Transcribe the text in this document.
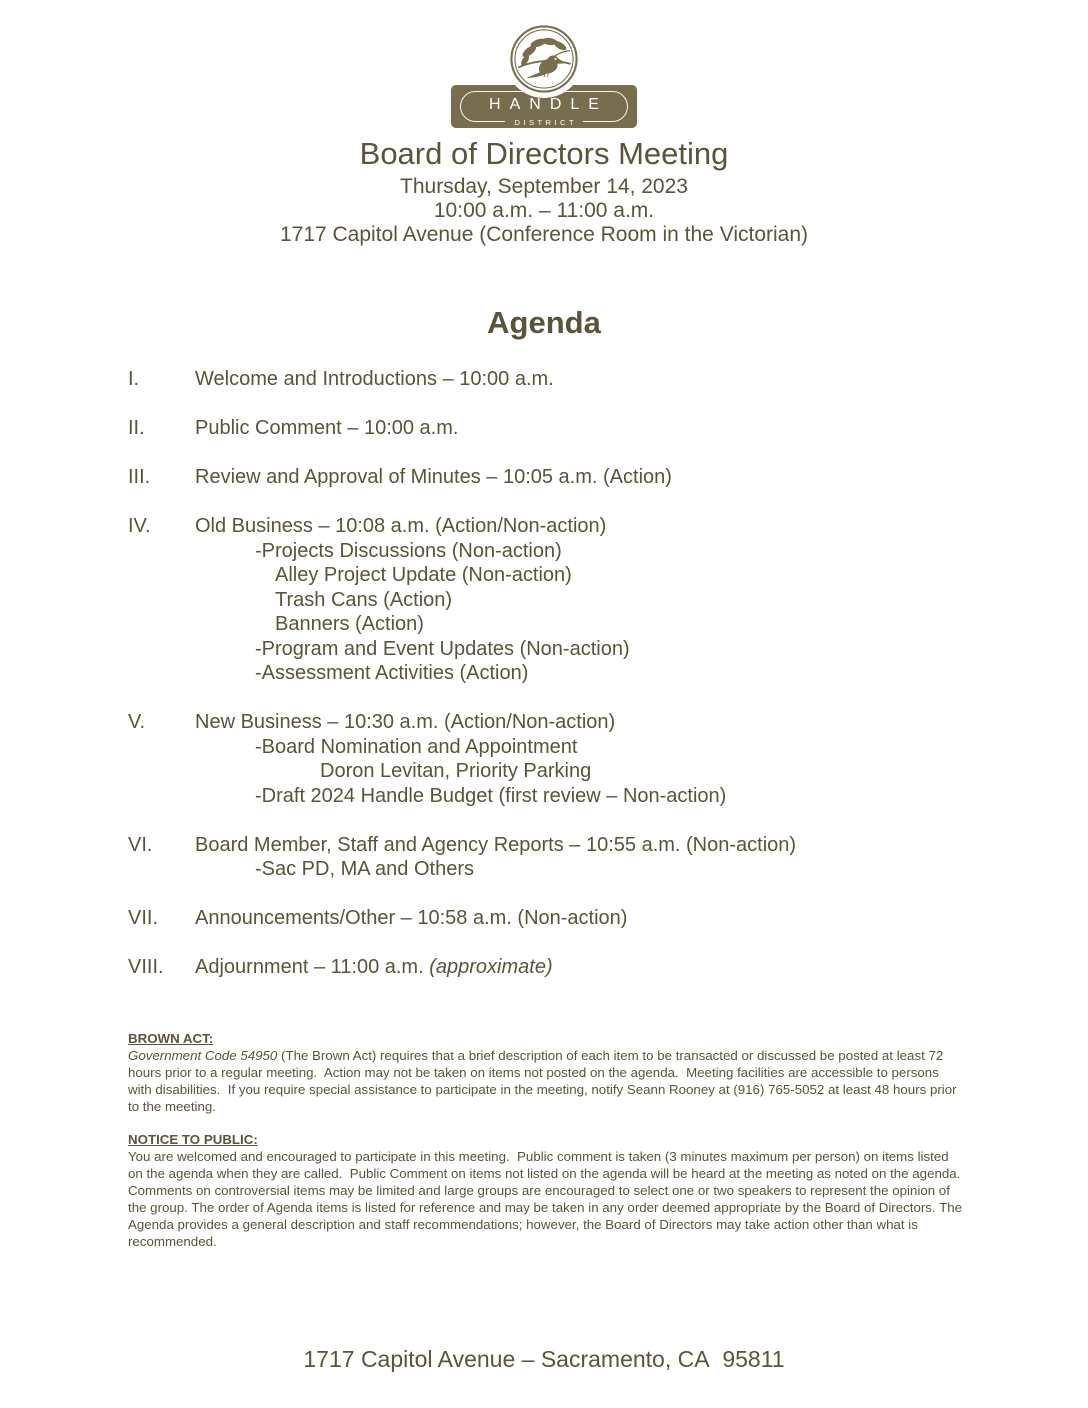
HANDLE
DISTRICT
Board of Directors Meeting
Thursday, September 14, 2023
10:00 a.m. – 11:00 a.m.
1717 Capitol Avenue (Conference Room in the Victorian)
Agenda
I.	Welcome and Introductions – 10:00 a.m.
II.	Public Comment – 10:00 a.m.
III.	Review and Approval of Minutes – 10:05 a.m. (Action)
IV.	Old Business – 10:08 a.m. (Action/Non-action)
-Projects Discussions (Non-action)
Alley Project Update (Non-action)
Trash Cans (Action)
Banners (Action)
-Program and Event Updates (Non-action)
-Assessment Activities (Action)
V.	New Business – 10:30 a.m. (Action/Non-action)
-Board Nomination and Appointment
Doron Levitan, Priority Parking
-Draft 2024 Handle Budget (first review – Non-action)
VI.	Board Member, Staff and Agency Reports – 10:55 a.m. (Non-action)
-Sac PD, MA and Others
VII.	Announcements/Other – 10:58 a.m. (Non-action)
VIII.	Adjournment – 11:00 a.m. (approximate)

BROWN ACT:

Government Code 54950 (The Brown Act) requires that a brief description of each item to be transacted or discussed be posted at least 72 hours prior to a regular meeting.  Action may not be taken on items not posted on the agenda.  Meeting facilities are accessible to persons with disabilities.  If you require special assistance to participate in the meeting, notify Seann Rooney at (916) 765-5052 at least 48 hours prior to the meeting.

NOTICE TO PUBLIC:

You are welcomed and encouraged to participate in this meeting.  Public comment is taken (3 minutes maximum per person) on items listed on the agenda when they are called.  Public Comment on items not listed on the agenda will be heard at the meeting as noted on the agenda. Comments on controversial items may be limited and large groups are encouraged to select one or two speakers to represent the opinion of the group. The order of Agenda items is listed for reference and may be taken in any order deemed appropriate by the Board of Directors. The Agenda provides a general description and staff recommendations; however, the Board of Directors may take action other than what is recommended.

1717 Capitol Avenue – Sacramento, CA  95811
